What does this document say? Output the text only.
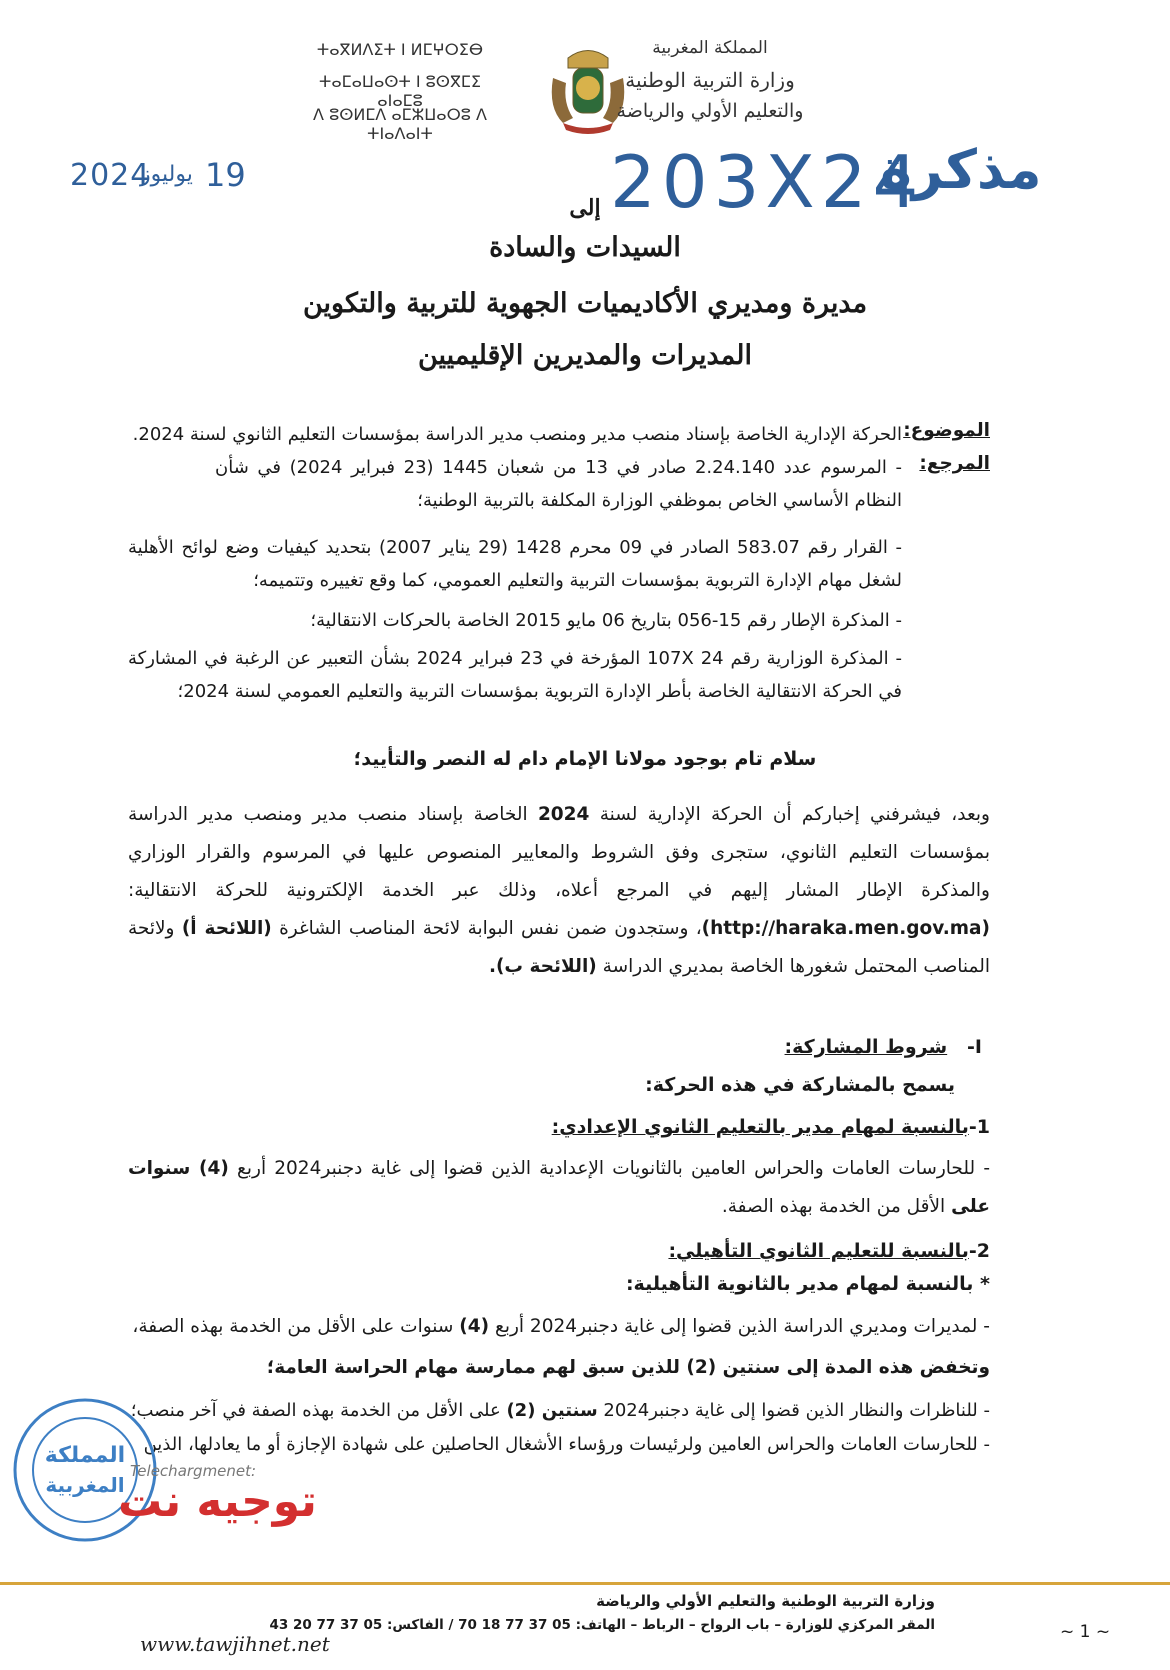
ⵜⴰⴳⵍⴷⵉⵜ ⵏ ⵍⵎⵖⵔⵉⴱ
ⵜⴰⵎⴰⵡⴰⵙⵜ ⵏ ⵓⵙⴳⵎⵉ ⴰⵏⴰⵎⵓ
ⴷ ⵓⵙⵍⵎⴷ ⴰⵎⵣⵡⴰⵔⵓ ⴷ ⵜⵏⴰⴷⴰⵏⵜ
المملكة المغربية
وزارة التربية الوطنية
والتعليم الأولي والرياضة
2024
يوليوز 19	203X24
مذكرة
إلى
السيدات والسادة
مديرة ومديري الأكاديميات الجهوية للتربية والتكوين
المديرات والمديرين الإقليميين
الموضوع:
الحركة الإدارية الخاصة بإسناد منصب مدير ومنصب مدير الدراسة بمؤسسات التعليم الثانوي لسنة 2024.
المرجع:
- المرسوم عدد 2.24.140 صادر في 13 من شعبان 1445 (23 فبراير 2024) في شأن النظام الأساسي الخاص بموظفي الوزارة المكلفة بالتربية الوطنية؛
- القرار رقم 583.07 الصادر في 09 محرم 1428 (29 يناير 2007) بتحديد كيفيات وضع لوائح الأهلية لشغل مهام الإدارة التربوية بمؤسسات التربية والتعليم العمومي، كما وقع تغييره وتتميمه؛
- المذكرة الإطار رقم 15-056 بتاريخ 06 مايو 2015 الخاصة بالحركات الانتقالية؛
- المذكرة الوزارية رقم 24 107X المؤرخة في 23 فبراير 2024 بشأن التعبير عن الرغبة في المشاركة في الحركة الانتقالية الخاصة بأطر الإدارة التربوية بمؤسسات التربية والتعليم العمومي لسنة 2024؛
سلام تام بوجود مولانا الإمام دام له النصر والتأييد؛
وبعد، فيشرفني إخباركم أن الحركة الإدارية لسنة 2024 الخاصة بإسناد منصب مدير ومنصب مدير الدراسة بمؤسسات التعليم الثانوي، ستجرى وفق الشروط والمعايير المنصوص عليها في المرسوم والقرار الوزاري والمذكرة الإطار المشار إليهم في المرجع أعلاه، وذلك عبر الخدمة الإلكترونية للحركة الانتقالية: (http://haraka.men.gov.ma)، وستجدون ضمن نفس البوابة لائحة المناصب الشاغرة (اللائحة أ) ولائحة المناصب المحتمل شغورها الخاصة بمديري الدراسة (اللائحة ب).
I-   شروط المشاركة:
يسمح بالمشاركة في هذه الحركة:
1-بالنسبة لمهام مدير بالتعليم الثانوي الإعدادي:
- للحارسات العامات والحراس العامين بالثانويات الإعدادية الذين قضوا إلى غاية دجنبر2024 أربع (4) سنوات على الأقل من الخدمة بهذه الصفة.
2-بالنسبة للتعليم الثانوي التأهيلي:
* بالنسبة لمهام مدير بالثانوية التأهيلية:
- لمديرات ومديري الدراسة الذين قضوا إلى غاية دجنبر2024 أربع (4) سنوات على الأقل من الخدمة بهذه الصفة،
وتخفض هذه المدة إلى سنتين (2) للذين سبق لهم ممارسة مهام الحراسة العامة؛
- للناظرات والنظار الذين قضوا إلى غاية دجنبر2024 سنتين (2) على الأقل من الخدمة بهذه الصفة في آخر منصب؛
- للحارسات العامات والحراس العامين ولرئيسات ورؤساء الأشغال الحاصلين على شهادة الإجازة أو ما يعادلها، الذين
المملكة
المغربية
Telechargmenet:
توجيه نت
www.tawjihnet.net
وزارة التربية الوطنية والتعليم الأولي والرياضة
المقر المركزي للوزارة – باب الرواح – الرباط – الهاتف: 05 37 77 18 70 / الفاكس: 05 37 77 20 43	~ 1 ~
